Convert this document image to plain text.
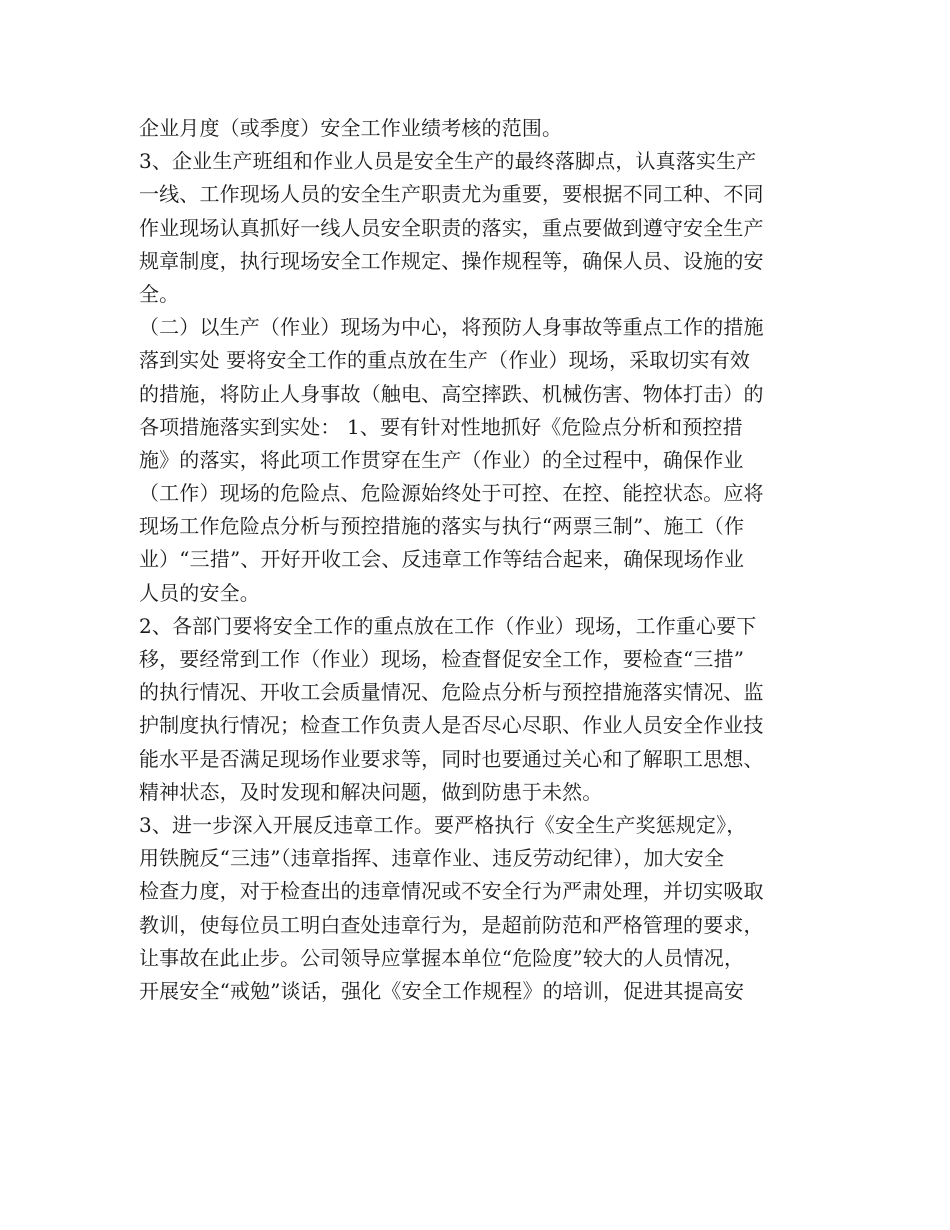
企业月度（或季度）安全工作业绩考核的范围。
3、企业生产班组和作业人员是安全生产的最终落脚点，认真落实生产
一线、工作现场人员的安全生产职责尤为重要，要根据不同工种、不同
作业现场认真抓好一线人员安全职责的落实，重点要做到遵守安全生产
规章制度，执行现场安全工作规定、操作规程等，确保人员、设施的安
全。
（二）以生产（作业）现场为中心，将预防人身事故等重点工作的措施
落到实处 要将安全工作的重点放在生产（作业）现场，采取切实有效
的措施，将防止人身事故（触电、高空摔跌、机械伤害、物体打击）的
各项措施落实到实处： 1、要有针对性地抓好《危险点分析和预控措
施》的落实，将此项工作贯穿在生产（作业）的全过程中，确保作业
（工作）现场的危险点、危险源始终处于可控、在控、能控状态。应将
现场工作危险点分析与预控措施的落实与执行“两票三制”、施工（作
业）“三措”、开好开收工会、反违章工作等结合起来，确保现场作业
人员的安全。
2、各部门要将安全工作的重点放在工作（作业）现场，工作重心要下
移，要经常到工作（作业）现场，检查督促安全工作，要检查“三措”
的执行情况、开收工会质量情况、危险点分析与预控措施落实情况、监
护制度执行情况；检查工作负责人是否尽心尽职、作业人员安全作业技
能水平是否满足现场作业要求等，同时也要通过关心和了解职工思想、
精神状态，及时发现和解决问题，做到防患于未然。
3、进一步深入开展反违章工作。要严格执行《安全生产奖惩规定》，
用铁腕反“三违”（违章指挥、违章作业、违反劳动纪律），加大安全
检查力度，对于检查出的违章情况或不安全行为严肃处理，并切实吸取
教训，使每位员工明白查处违章行为，是超前防范和严格管理的要求，
让事故在此止步。公司领导应掌握本单位“危险度”较大的人员情况，
开展安全“戒勉”谈话，强化《安全工作规程》的培训，促进其提高安
